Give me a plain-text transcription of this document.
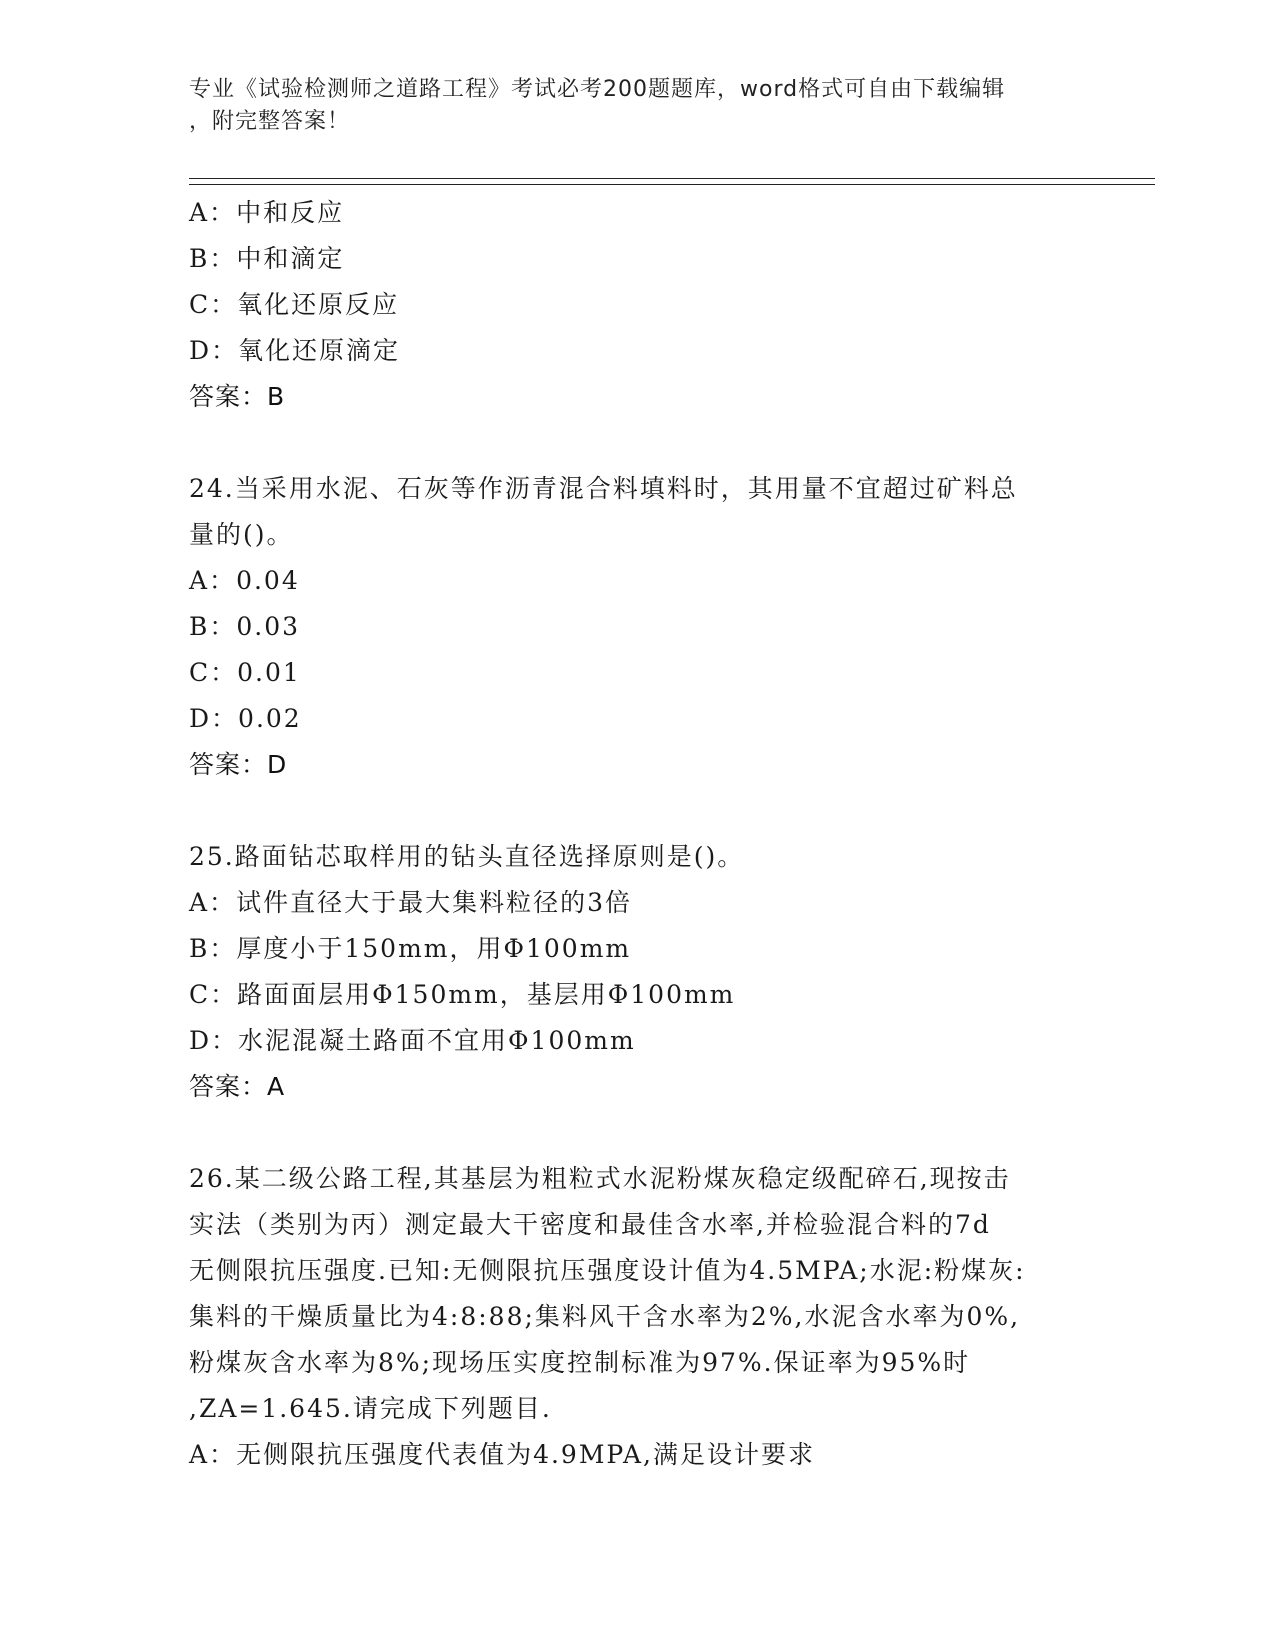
专业《试验检测师之道路工程》考试必考200题题库，word格式可自由下载编辑
，附完整答案！
A：中和反应
B：中和滴定
C：氧化还原反应
D：氧化还原滴定
答案：B
24.当采用水泥、石灰等作沥青混合料填料时，其用量不宜超过矿料总
量的()。
A：0.04
B：0.03
C：0.01
D：0.02
答案：D
25.路面钻芯取样用的钻头直径选择原则是()。
A：试件直径大于最大集料粒径的3倍
B：厚度小于150mm，用Φ100mm
C：路面面层用Φ150mm，基层用Φ100mm
D：水泥混凝土路面不宜用Φ100mm
答案：A
26.某二级公路工程,其基层为粗粒式水泥粉煤灰稳定级配碎石,现按击
实法（类别为丙）测定最大干密度和最佳含水率,并检验混合料的7d
无侧限抗压强度.已知:无侧限抗压强度设计值为4.5MPA;水泥:粉煤灰:
集料的干燥质量比为4:8:88;集料风干含水率为2%,水泥含水率为0%,
粉煤灰含水率为8%;现场压实度控制标准为97%.保证率为95%时
,ZA=1.645.请完成下列题目.
A：无侧限抗压强度代表值为4.9MPA,满足设计要求
